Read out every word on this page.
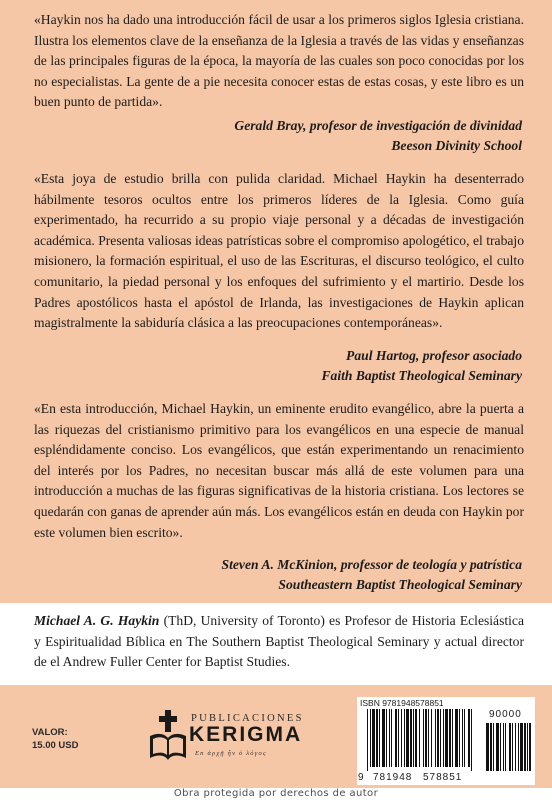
«Haykin nos ha dado una introducción fácil de usar a los primeros siglos Iglesia cristiana. Ilustra los elementos clave de la enseñanza de la Iglesia a través de las vidas y enseñanzas de las principales figuras de la época, la mayoría de las cuales son poco conocidas por los no especialistas. La gente de a pie necesita conocer estas de estas cosas, y este libro es un buen punto de partida».
Gerald Bray, profesor de investigación de divinidad
Beeson Divinity School
«Esta joya de estudio brilla con pulida claridad. Michael Haykin ha desenterrado hábilmente tesoros ocultos entre los primeros líderes de la Iglesia. Como guía experimentado, ha recurrido a su propio viaje personal y a décadas de investigación académica. Presenta valiosas ideas patrísticas sobre el compromiso apologético, el trabajo misionero, la formación espiritual, el uso de las Escrituras, el discurso teológico, el culto comunitario, la piedad personal y los enfoques del sufrimiento y el martirio. Desde los Padres apostólicos hasta el apóstol de Irlanda, las investigaciones de Haykin aplican magistralmente la sabiduría clásica a las preocupaciones contemporáneas».
Paul Hartog, profesor asociado
Faith Baptist Theological Seminary
«En esta introducción, Michael Haykin, un eminente erudito evangélico, abre la puerta a las riquezas del cristianismo primitivo para los evangélicos en una especie de manual espléndidamente conciso. Los evangélicos, que están experimentando un renacimiento del interés por los Padres, no necesitan buscar más allá de este volumen para una introducción a muchas de las figuras significativas de la historia cristiana. Los lectores se quedarán con ganas de aprender aún más. Los evangélicos están en deuda con Haykin por este volumen bien escrito».
Steven A. McKinion, professor de teología y patrística
Southeastern Baptist Theological Seminary

Michael A. G. Haykin (ThD, University of Toronto) es Profesor de Historia Eclesiástica y Espiritualidad Bíblica en The Southern Baptist Theological Seminary y actual director de el Andrew Fuller Center for Baptist Studies.

VALOR:
15.00 USD
PUBLICACIONES
KERIGMA
En ἀρχῇ ἦν ὁ λόγος
ISBN 9781948578851
9 781948 578851
90000
Obra protegida por derechos de autor
